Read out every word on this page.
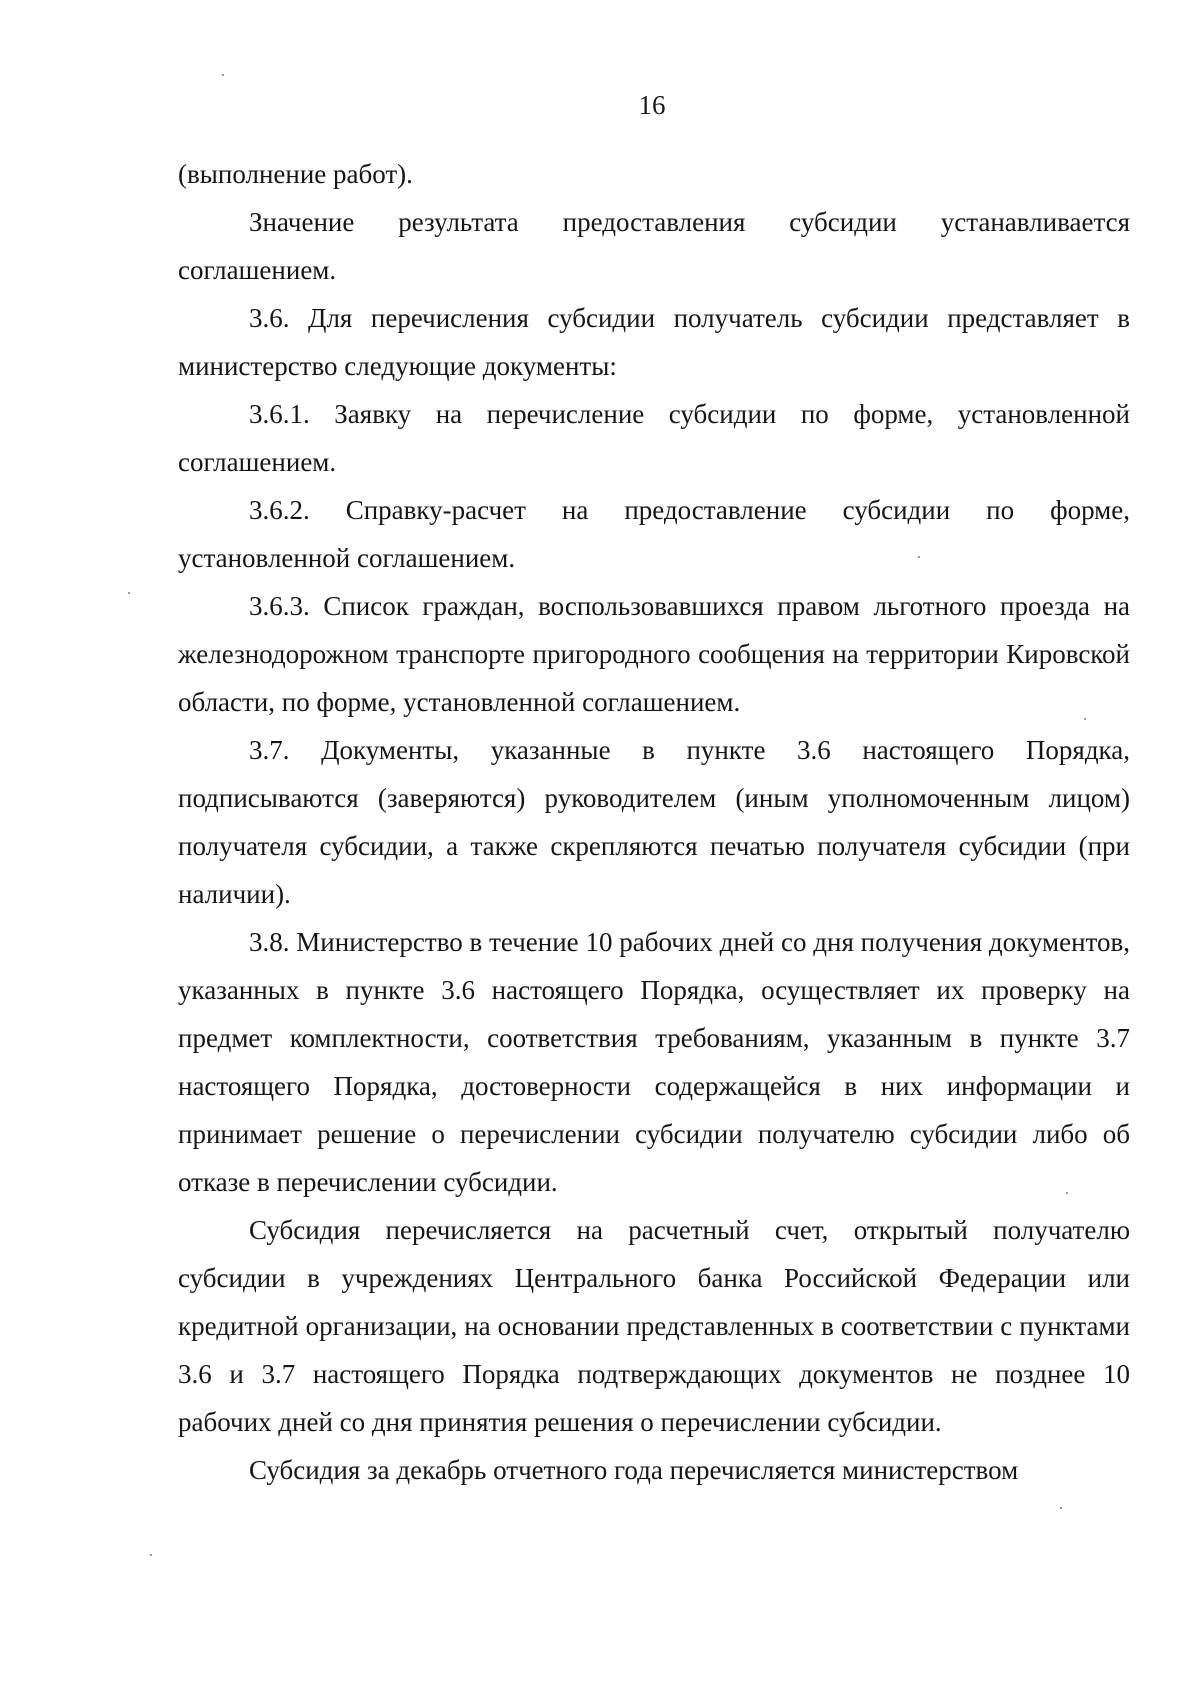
16

(выполнение работ).

Значение результата предоставления субсидии устанавливается соглашением.

3.6. Для перечисления субсидии получатель субсидии представляет в министерство следующие документы:

3.6.1. Заявку на перечисление субсидии по форме, установленной соглашением.

3.6.2. Справку-расчет на предоставление субсидии по форме, установленной соглашением.

3.6.3. Список граждан, воспользовавшихся правом льготного проезда на железнодорожном транспорте пригородного сообщения на территории Кировской области, по форме, установленной соглашением.

3.7. Документы, указанные в пункте 3.6 настоящего Порядка, подписываются (заверяются) руководителем (иным уполномоченным лицом) получателя субсидии, а также скрепляются печатью получателя субсидии (при наличии).

3.8. Министерство в течение 10 рабочих дней со дня получения документов, указанных в пункте 3.6 настоящего Порядка, осуществляет их проверку на предмет комплектности, соответствия требованиям, указанным в пункте 3.7 настоящего Порядка, достоверности содержащейся в них информации и принимает решение о перечислении субсидии получателю субсидии либо об отказе в перечислении субсидии.

Субсидия перечисляется на расчетный счет, открытый получателю субсидии в учреждениях Центрального банка Российской Федерации или кредитной организации, на основании представленных в соответствии с пунктами 3.6 и 3.7 настоящего Порядка подтверждающих документов не позднее 10 рабочих дней со дня принятия решения о перечислении субсидии.

Субсидия за декабрь отчетного года перечисляется министерством
